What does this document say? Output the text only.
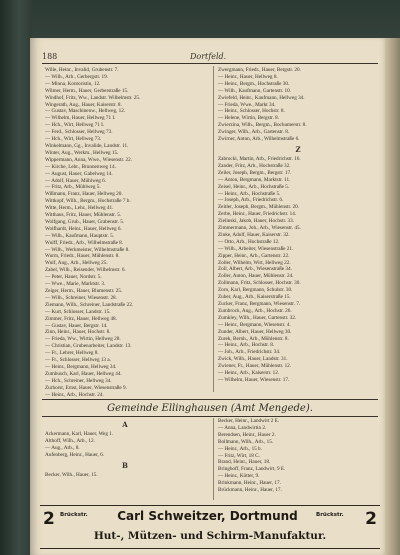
188	Dortfeld.
Wille, Heinr., Invalid, Grubenstr. 7.
— Wilh., Arb., Gerbergstr. 19.
— Minna, Kontoristin, 12.
Wilmer, Herm., Hauer, Gerberstraße 15.
Windhof, Fritz, Ww., Landstr. Wilhelmstr. 25.
Wingerath, Aug., Hauer, Kaiserstr. 8.
— Gustav, Maschinenw., Hellweg, 12.
— Wilhelm, Hauer, Hellweg 71 I.
— Hch., Wirt, Hellweg 71 I.
— Ferd., Schlosser, Hellweg 73.
— Hch., Wirt, Hellweg 73.
Winkelmann, Gg., Invalide, Landstr. 11.
Winter, Aug., Werkm., Hellweg 15.
Wippermann, Anna, Wwe., Wiesenstr. 22.
— Kirche, Lehr., Brunnenweg 14.
— August, Hauer, Gabelweg 14.
— Adolf, Hauer, Mühlweg 6.
— Fritz, Arb., Mühlweg 5.
Wißmann, Franz, Hauer, Hellweg 20.
Wittkopf, Wilh., Bergm., Hochstraße 7 b.
Witte, Herm., Lehr., Hellweg 41.
Witthaus, Fritz, Hauer, Mühlenstr. 5.
Wolfgang, Grub., Hauer, Grabenstr. 5.
Wolfhardt, Heinr., Hauer, Hellweg 6.
— Wilh., Kaufmann, Hauptstr. 5.
Wulff, Friedr., Arb., Wilhelmstraße 8.
— Wilh., Werkmeister, Wilhelmstraße 8.
Wurm, Friedr., Hauer, Mühlenstr. 8.
Wulf, Aug., Arb., Hellweg 25.
Zabel, Wilh., Reisender, Wilhelmstr. 6.
— Peter, Hauer, Nordstr. 5.
— Wwe., Marie, Marktstr. 3.
Zeiger, Herm., Hauer, Blumenstr. 25.
— Wilh., Schreiner, Wiesenstr. 28.
Ziemann, Wilh., Schreiner, Landstraße 22.
— Kurt, Schlosser, Landstr. 15.
Zimmer, Fritz, Hauer, Hellweg 48.
— Gustav, Hauer, Bergstr. 14.
Zinn, Heinr., Hauer, Hochstr. 8.
— Frieda, Ww., Wirtin, Hellweg 28.
— Christian, Grubenarbeiter, Landstr. 13.
— Fr., Lehrer, Hellweg 8.
— Fr., Schlosser, Hellweg 13 a.
— Heinr., Bergmann, Hellweg 34.
Zumbusch, Karl, Hauer, Hellweg 44.
— Hch., Schreiner, Hellweg 34.
Zurhorst, Ernst, Hauer, Wiesenstraße 9.
— Heinr., Arb., Hochstr. 24.
Zwergmann, Friedr., Hauer, Bergstr. 20.
— Heinr., Hauer, Hellweg 8.
— Heinr., Bergm., Hochstraße 30.
— Wilh., Kaufmann, Gartenstr. 10.
Zwiefeld, Heinr., Kaufmann, Hellweg 34.
— Frieda, Wwe., Markt 34.
— Heinr., Schlosser, Hochstr. 8.
— Helene, Wirtin, Bergstr. 8.
Zwierzina, Wilh., Bergm., Bochumerstr. 8.
Zwinger, Wilh., Arb., Gartenstr. 8.
Zwirner, Anton, Arb., Wilhelmstraße 6.
Z
Zabrocki, Martin, Arb., Friedrichstr. 16.
Zander, Fritz, Arb., Hochstraße 32.
Zeiler, Joseph, Bergm., Bergstr. 17.
— Anton, Bergmann, Marktstr. 11.
Zeisel, Heinr., Arb., Hochstraße 5.
— Heinr., Arb., Hochstraße 5.
— Joseph, Arb., Friedrichstr. 6.
Zeitler, Joseph, Bergm., Mühlenstr. 20.
Zerbe, Heinr., Hauer, Friedrichstr. 14.
Zielinski, Jakob, Hauer, Hochstr. 33.
Zimmermann, Joh., Arb., Wiesenstr. 45.
Zinke, Adolf, Hauer, Kaiserstr. 32.
— Otto, Arb., Hochstraße 12.
— Wilh., Arbeiter, Wiesenstraße 21.
Zipper, Heinr., Arb., Gartenstr. 22.
Zoller, Wilhelm, Wirt, Hellweg 22.
Zoll, Albert, Arb., Wiesenstraße 34.
Zoller, Anton, Hauer, Mühlenstr. 24.
Zollmann, Fritz, Schlosser, Hochstr. 30.
Zorn, Karl, Bergmann, Schulstr. 30.
Zuber, Aug., Arb., Kaiserstraße 15.
Zucker, Franz, Bergmann, Wiesenstr. 7.
Zumbrock, Aug., Arb., Hochstr. 26.
Zumkley, Wilh., Hauer, Gartenstr. 32.
— Heinr., Bergmann, Wiesenstr. 4.
Zunder, Albert, Hauer, Hellweg 30.
Zurek, Bernh., Arb., Mühlenstr. 8.
— Heinr., Arb., Hochstr. 8.
— Joh., Arb., Friedrichstr. 34.
Zwick, Wilh., Hauer, Landstr. 31.
Zwiener, Fr., Hauer, Mühlenstr. 12.
— Heinr., Arb., Kaiserstr. 12.
— Wilhelm, Hauer, Wiesenstr. 17.
Gemeinde Ellinghausen (Amt Mengede).
A
Ackermann, Karl, Hauer, Weg 1.
Althoff, Wilh., Arb., 12.
— Aug., Arb., 8.
Aufenberg, Heinr., Hauer, 6.
B
Becker, Wilh., Hauer, 15.
Becker, Heinr., Landwirt 2 E.
— Anna, Landwirtin 2.
Berendsen, Heinr., Hauer 2.
Bollmann, Wilh., Arb., 15.
— Heinr., Arb., 15 b.
— Fritz, Wirt, 18 C.
Brand, Heinr., Hauer, 18.
Bringhoff, Franz, Landwirt, 9 E.
— Heinr., Kötter, 9.
Brinkmann, Heinr., Hauer, 17.
Brückmann, Heinr., Hauer, 17.
2 Brückstr.	Carl Schweitzer, Dortmund	Brückstr. 2
Hut-, Mützen- und Schirm-Manufaktur.
